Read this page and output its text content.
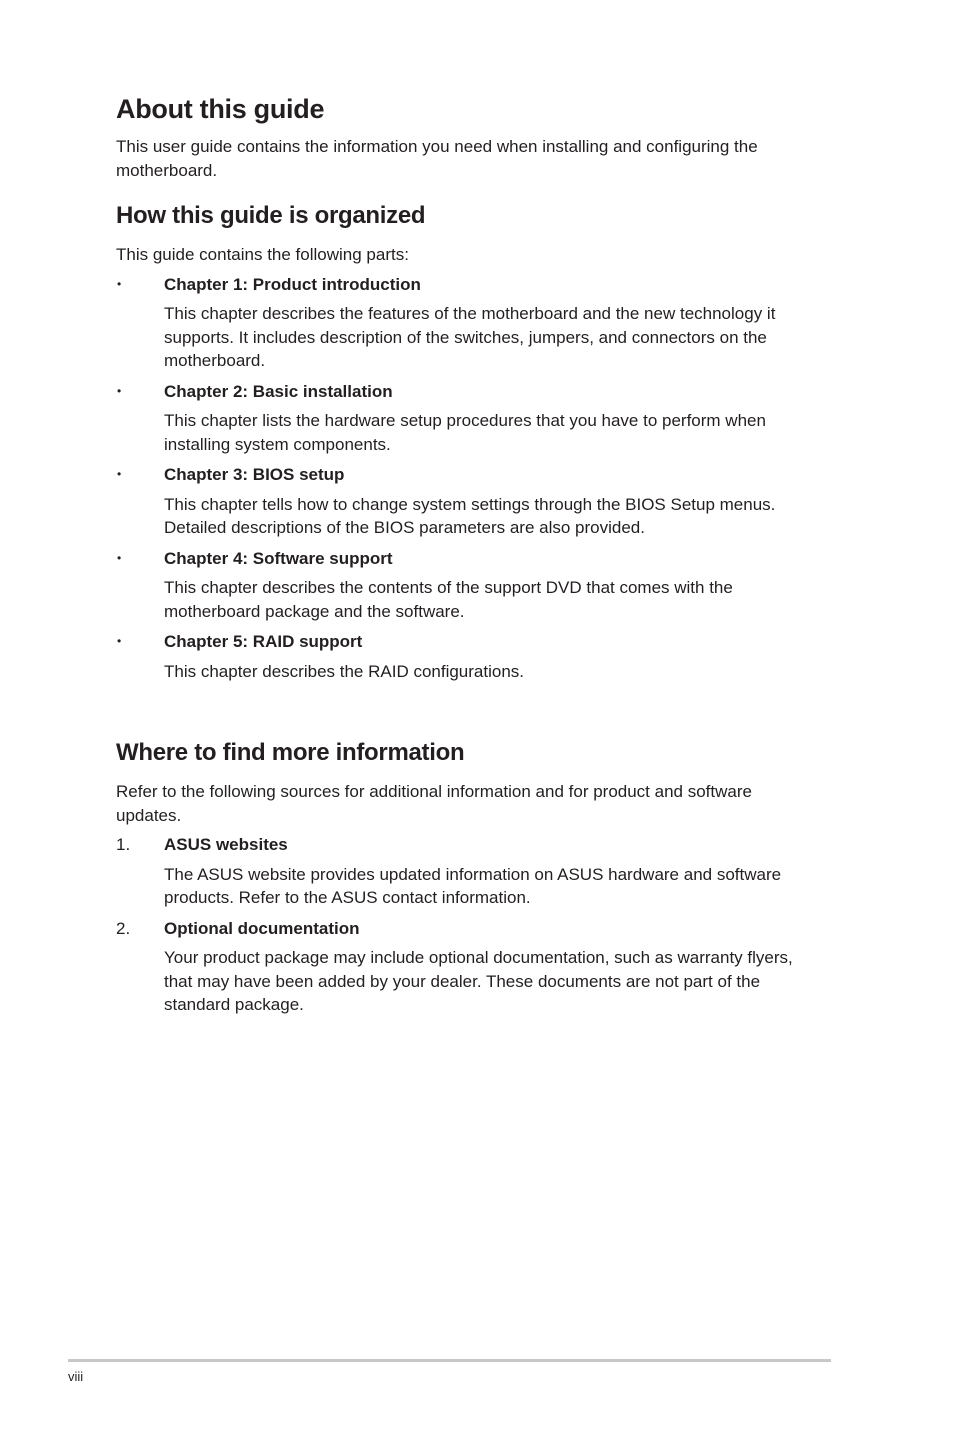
About this guide

This user guide contains the information you need when installing and configuring the motherboard.

How this guide is organized

This guide contains the following parts:

•	Chapter 1: Product introduction

This chapter describes the features of the motherboard and the new technology it supports. It includes description of the switches, jumpers, and connectors on the motherboard.

•	Chapter 2: Basic installation

This chapter lists the hardware setup procedures that you have to perform when installing system components.

•	Chapter 3: BIOS setup

This chapter tells how to change system settings through the BIOS Setup menus. Detailed descriptions of the BIOS parameters are also provided.

•	Chapter 4: Software support

This chapter describes the contents of the support DVD that comes with the motherboard package and the software.

•	Chapter 5: RAID support

This chapter describes the RAID configurations.

Where to find more information

Refer to the following sources for additional information and for product and software updates.

1. ASUS websites

The ASUS website provides updated information on ASUS hardware and software products. Refer to the ASUS contact information.

2. Optional documentation

Your product package may include optional documentation, such as warranty flyers, that may have been added by your dealer. These documents are not part of the standard package.

viii
